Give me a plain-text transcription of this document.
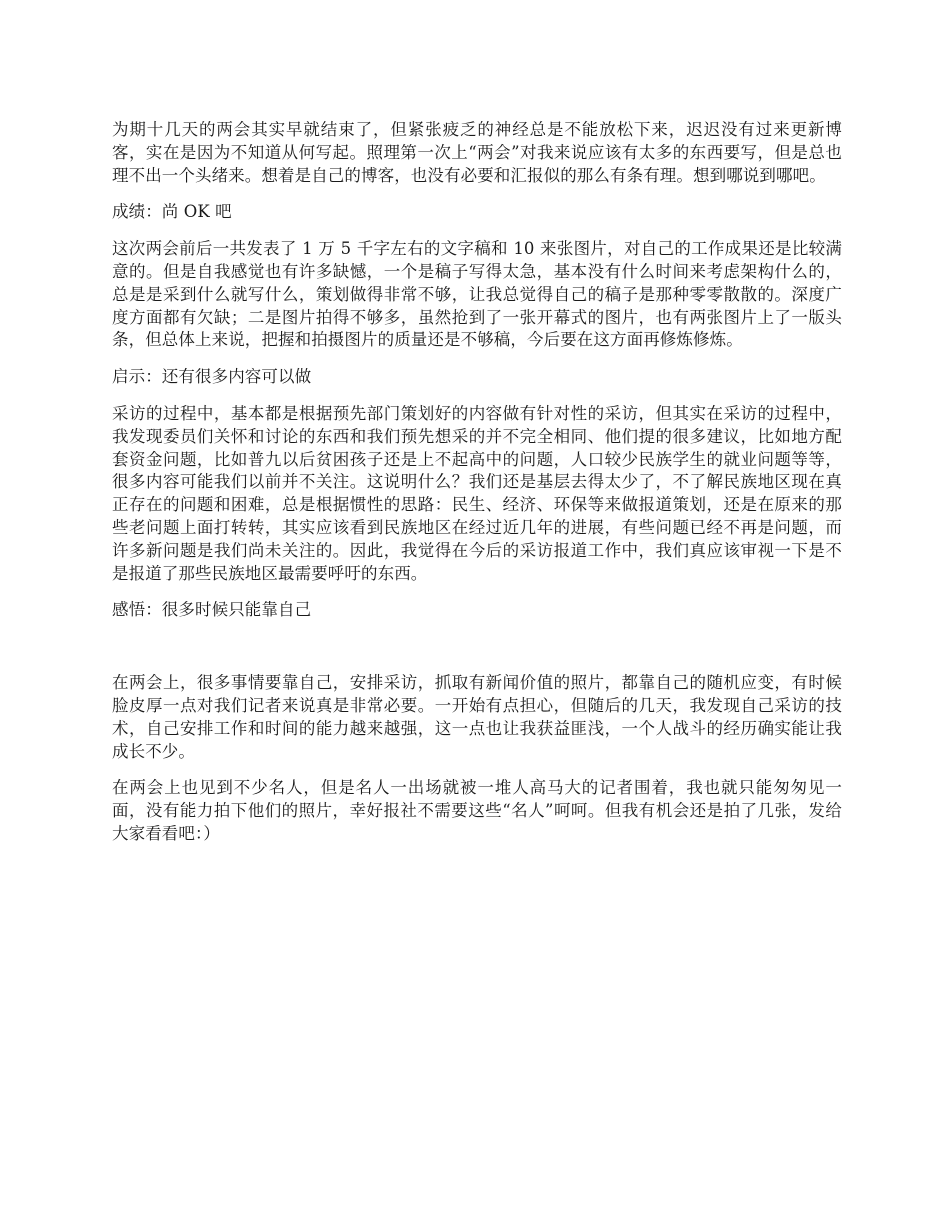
为期十几天的两会其实早就结束了，但紧张疲乏的神经总是不能放松下来，迟迟没有过来更新博客，实在是因为不知道从何写起。照理第一次上“两会”对我来说应该有太多的东西要写，但是总也理不出一个头绪来。想着是自己的博客，也没有必要和汇报似的那么有条有理。想到哪说到哪吧。

成绩：尚 OK 吧

这次两会前后一共发表了 1 万 5 千字左右的文字稿和 10 来张图片，对自己的工作成果还是比较满意的。但是自我感觉也有许多缺憾，一个是稿子写得太急，基本没有什么时间来考虑架构什么的，总是是采到什么就写什么，策划做得非常不够，让我总觉得自己的稿子是那种零零散散的。深度广度方面都有欠缺；二是图片拍得不够多，虽然抢到了一张开幕式的图片，也有两张图片上了一版头条，但总体上来说，把握和拍摄图片的质量还是不够稿，今后要在这方面再修炼修炼。

启示：还有很多内容可以做

采访的过程中，基本都是根据预先部门策划好的内容做有针对性的采访，但其实在采访的过程中，我发现委员们关怀和讨论的东西和我们预先想采的并不完全相同、他们提的很多建议，比如地方配套资金问题，比如普九以后贫困孩子还是上不起高中的问题，人口较少民族学生的就业问题等等，很多内容可能我们以前并不关注。这说明什么？我们还是基层去得太少了，不了解民族地区现在真正存在的问题和困难，总是根据惯性的思路：民生、经济、环保等来做报道策划，还是在原来的那些老问题上面打转转，其实应该看到民族地区在经过近几年的进展，有些问题已经不再是问题，而许多新问题是我们尚未关注的。因此，我觉得在今后的采访报道工作中，我们真应该审视一下是不是报道了那些民族地区最需要呼吁的东西。

感悟：很多时候只能靠自己

在两会上，很多事情要靠自己，安排采访，抓取有新闻价值的照片，都靠自己的随机应变，有时候脸皮厚一点对我们记者来说真是非常必要。一开始有点担心，但随后的几天，我发现自己采访的技术，自己安排工作和时间的能力越来越强，这一点也让我获益匪浅，一个人战斗的经历确实能让我成长不少。

在两会上也见到不少名人，但是名人一出场就被一堆人高马大的记者围着，我也就只能匆匆见一面，没有能力拍下他们的照片，幸好报社不需要这些“名人”呵呵。但我有机会还是拍了几张，发给大家看看吧：）
